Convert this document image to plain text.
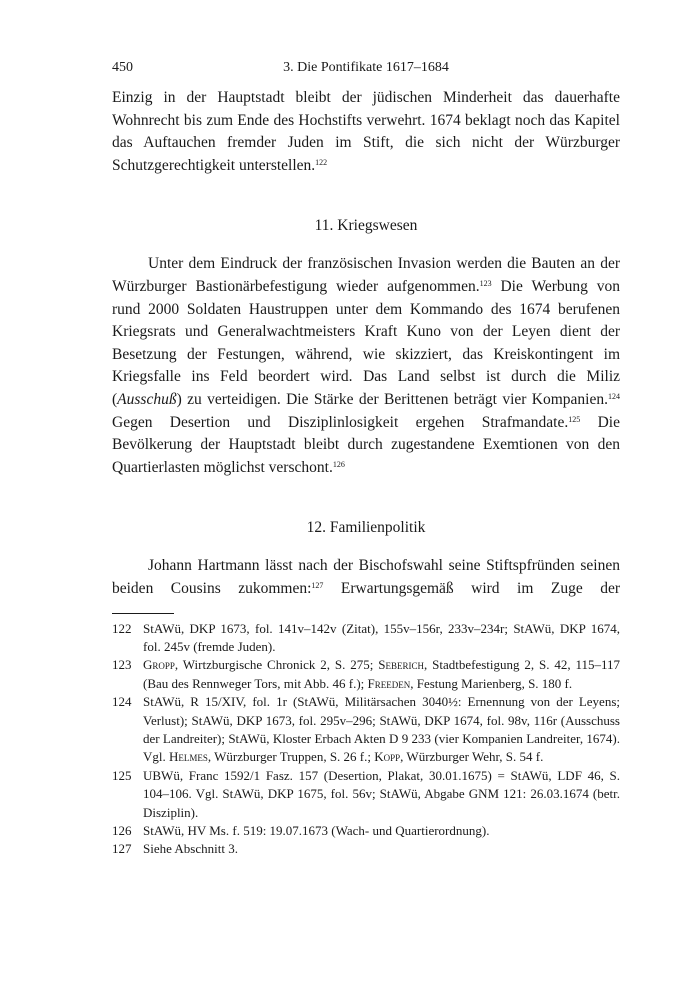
3. Die Pontifikate 1617–1684
450

Einzig in der Hauptstadt bleibt der jüdischen Minderheit das dauerhafte Wohnrecht bis zum Ende des Hochstifts verwehrt. 1674 beklagt noch das Kapitel das Auftauchen fremder Juden im Stift, die sich nicht der Würzburger Schutzgerechtigkeit unterstellen.$^{122}$

11. Kriegswesen

Unter dem Eindruck der französischen Invasion werden die Bauten an der Würzburger Bastionärbefestigung wieder aufgenommen.$^{123}$ Die Werbung von rund 2000 Soldaten Haustruppen unter dem Kommando des 1674 berufenen Kriegsrats und Generalwachtmeisters Kraft Kuno von der Leyen dient der Besetzung der Festungen, während, wie skizziert, das Kreiskontingent im Kriegsfalle ins Feld beordert wird. Das Land selbst ist durch die Miliz (Ausschuß) zu verteidigen. Die Stärke der Berittenen beträgt vier Kompanien.$^{124}$ Gegen Desertion und Disziplinlosigkeit ergehen Strafmandate.$^{125}$ Die Bevölkerung der Hauptstadt bleibt durch zugestandene Exemtionen von den Quartierlasten möglichst verschont.$^{126}$

12. Familienpolitik

Johann Hartmann lässt nach der Bischofswahl seine Stiftspfründen seinen beiden Cousins zukommen:$^{127}$ Erwartungsgemäß wird im Zuge der

122 StAWü, DKP 1673, fol. 141v–142v (Zitat), 155v–156r, 233v–234r; StAWü, DKP 1674, fol. 245v (fremde Juden).
123 Gropp, Wirtzburgische Chronick 2, S. 275; Seberich, Stadtbefestigung 2, S. 42, 115–117 (Bau des Rennweger Tors, mit Abb. 46 f.); Freeden, Festung Marienberg, S. 180 f.
124 StAWü, R 15/XIV, fol. 1r (StAWü, Militärsachen 3040½: Ernennung von der Leyens; Verlust); StAWü, DKP 1673, fol. 295v–296; StAWü, DKP 1674, fol. 98v, 116r (Ausschuss der Landreiter); StAWü, Kloster Erbach Akten D 9 233 (vier Kompanien Landreiter, 1674). Vgl. Helmes, Würzburger Truppen, S. 26 f.; Kopp, Würzburger Wehr, S. 54 f.
125 UBWü, Franc 1592/1 Fasz. 157 (Desertion, Plakat, 30.01.1675) = StAWü, LDF 46, S. 104–106. Vgl. StAWü, DKP 1675, fol. 56v; StAWü, Abgabe GNM 121: 26.03.1674 (betr. Disziplin).
126 StAWü, HV Ms. f. 519: 19.07.1673 (Wach- und Quartierordnung).
127 Siehe Abschnitt 3.
